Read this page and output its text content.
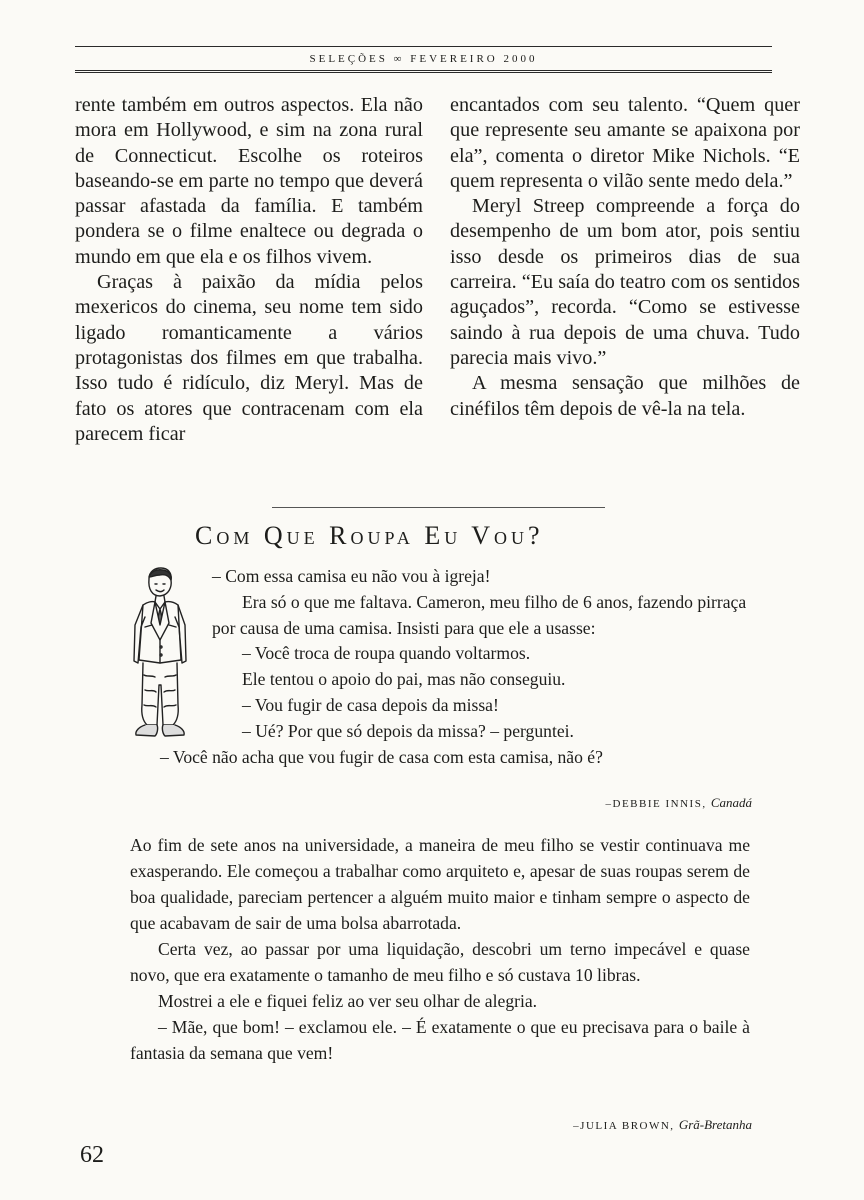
SELEÇÕES ∞ FEVEREIRO 2000

rente também em outros aspectos. Ela não mora em Hollywood, e sim na zona rural de Connecticut. Escolhe os roteiros baseando-se em parte no tempo que deverá passar afastada da família. E também pondera se o filme enaltece ou degrada o mundo em que ela e os filhos vivem.

Graças à paixão da mídia pelos mexericos do cinema, seu nome tem sido ligado romanticamente a vários protagonistas dos filmes em que trabalha. Isso tudo é ridículo, diz Meryl. Mas de fato os atores que contracenam com ela parecem ficar

encantados com seu talento. “Quem quer que represente seu amante se apaixona por ela”, comenta o diretor Mike Nichols. “E quem representa o vilão sente medo dela.”

Meryl Streep compreende a força do desempenho de um bom ator, pois sentiu isso desde os primeiros dias de sua carreira. “Eu saía do teatro com os sentidos aguçados”, recorda. “Como se estivesse saindo à rua depois de uma chuva. Tudo parecia mais vivo.”

A mesma sensação que milhões de cinéfilos têm depois de vê-la na tela.

Com Que Roupa Eu Vou?

– Com essa camisa eu não vou à igreja!

Era só o que me faltava. Cameron, meu filho de 6 anos, fazendo pirraça por causa de uma camisa. Insisti para que ele a usasse:

– Você troca de roupa quando voltarmos.

Ele tentou o apoio do pai, mas não conseguiu.

– Vou fugir de casa depois da missa!

– Ué? Por que só depois da missa? – perguntei.

– Você não acha que vou fugir de casa com esta camisa, não é?

–DEBBIE INNIS, Canadá

Ao fim de sete anos na universidade, a maneira de meu filho se vestir continuava me exasperando. Ele começou a trabalhar como arquiteto e, apesar de suas roupas serem de boa qualidade, pareciam pertencer a alguém muito maior e tinham sempre o aspecto de que acabavam de sair de uma bolsa abarrotada.

Certa vez, ao passar por uma liquidação, descobri um terno impecável e quase novo, que era exatamente o tamanho de meu filho e só custava 10 libras.

Mostrei a ele e fiquei feliz ao ver seu olhar de alegria.

– Mãe, que bom! – exclamou ele. – É exatamente o que eu precisava para o baile à fantasia da semana que vem!

–JULIA BROWN, Grã-Bretanha
62
